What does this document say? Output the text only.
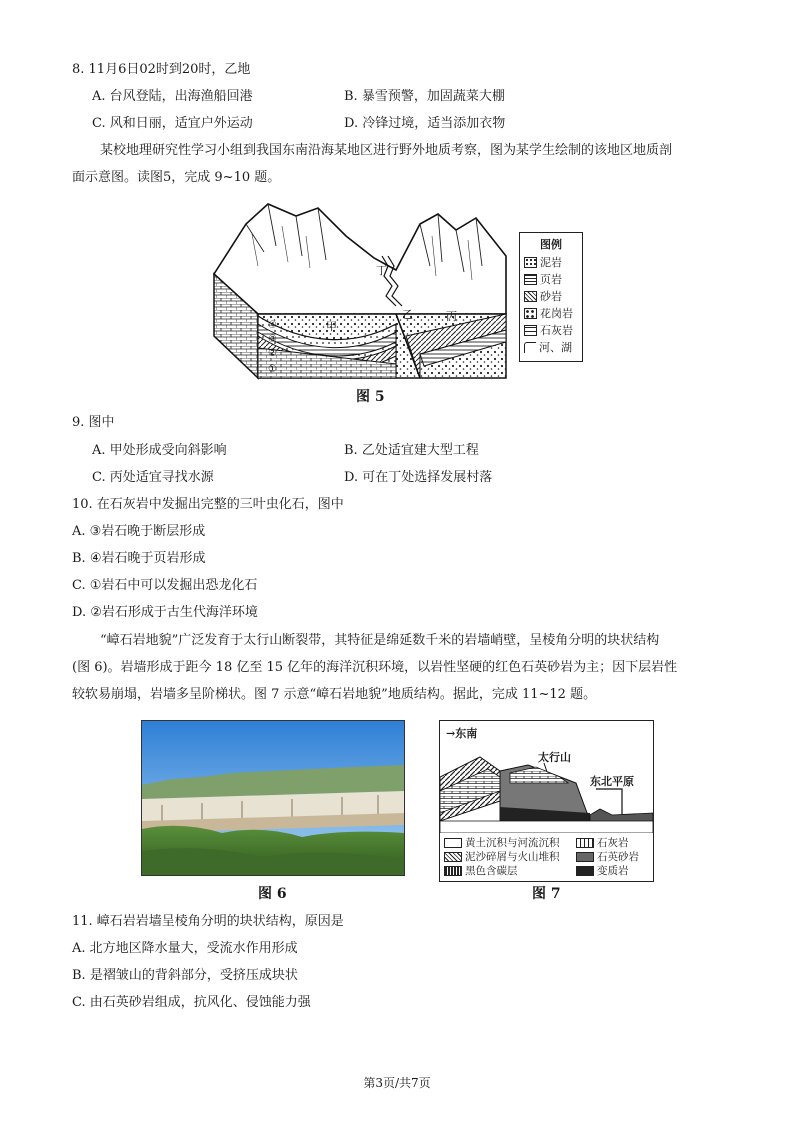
8. 11月6日02时到20时，乙地
A. 台风登陆，出海渔船回港	B. 暴雪预警，加固蔬菜大棚
C. 风和日丽，适宜户外运动	D. 冷锋过境，适当添加衣物
某校地理研究性学习小组到我国东南沿海某地区进行野外地质考察，图为某学生绘制的该地区地质剖
面示意图。读图5，完成 9~10 题。
甲
乙	丙
丁
④
③
②
①
图例
泥岩
页岩
砂岩
花岗岩
石灰岩
河、湖
图 5
9. 图中
A. 甲处形成受向斜影响	B. 乙处适宜建大型工程
C. 丙处适宜寻找水源	D. 可在丁处选择发展村落
10. 在石灰岩中发掘出完整的三叶虫化石，图中
A. ③岩石晚于断层形成
B. ④岩石晚于页岩形成
C. ①岩石中可以发掘出恐龙化石
D. ②岩石形成于古生代海洋环境
“嶂石岩地貌”广泛发育于太行山断裂带，其特征是绵延数千米的岩墙峭壁，呈棱角分明的块状结构
(图 6)。岩墙形成于距今 18 亿至 15 亿年的海洋沉积环境，以岩性坚硬的红色石英砂岩为主；因下层岩性
较软易崩塌，岩墙多呈阶梯状。图 7 示意“嶂石岩地貌”地质结构。据此，完成 11~12 题。
图 6
→东南
太行山
东北平原
黄土沉积与河流沉积	石灰岩
泥沙碎屑与火山堆积	石英砂岩
黑色含碳层	变质岩
图 7
11. 嶂石岩岩墙呈棱角分明的块状结构，原因是
A. 北方地区降水量大，受流水作用形成
B. 是褶皱山的背斜部分，受挤压成块状
C. 由石英砂岩组成，抗风化、侵蚀能力强
第3页/共7页
